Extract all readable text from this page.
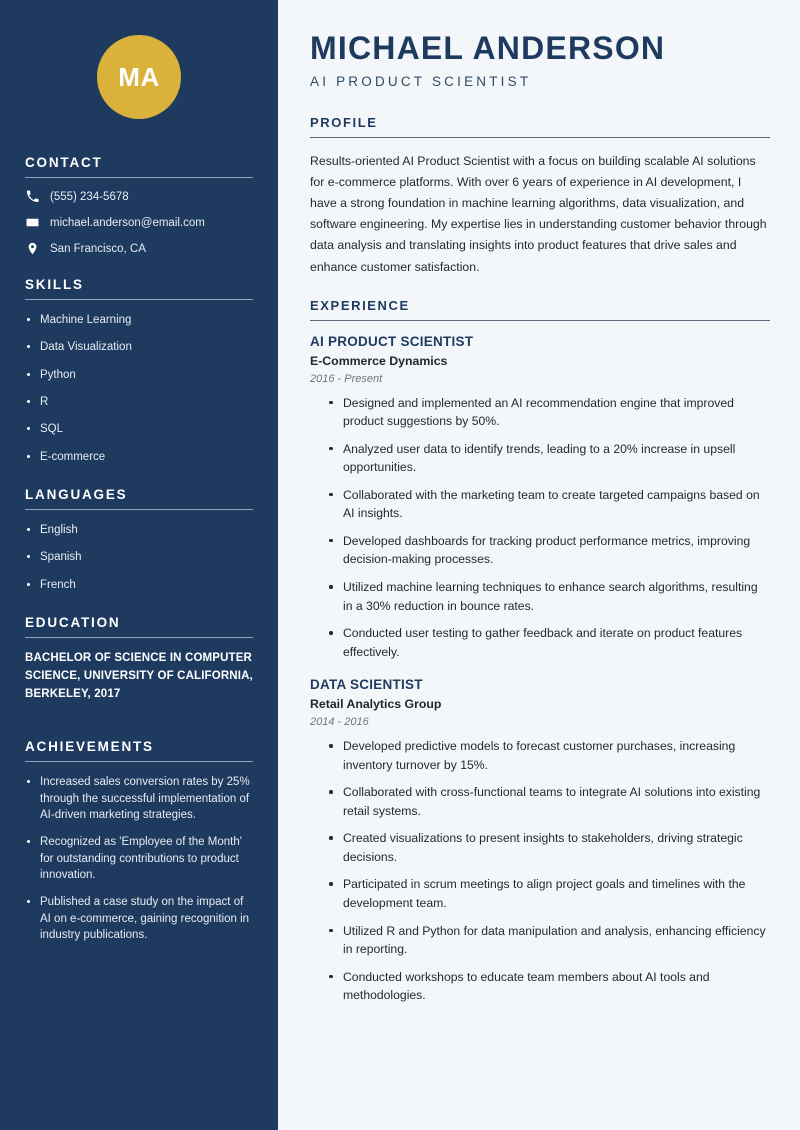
MA
CONTACT
(555) 234-5678
michael.anderson@email.com
San Francisco, CA
SKILLS
Machine Learning
Data Visualization
Python
R
SQL
E-commerce
LANGUAGES
English
Spanish
French
EDUCATION
BACHELOR OF SCIENCE IN COMPUTER SCIENCE, UNIVERSITY OF CALIFORNIA, BERKELEY, 2017
ACHIEVEMENTS
Increased sales conversion rates by 25% through the successful implementation of AI-driven marketing strategies.
Recognized as 'Employee of the Month' for outstanding contributions to product innovation.
Published a case study on the impact of AI on e-commerce, gaining recognition in industry publications.
MICHAEL ANDERSON
AI PRODUCT SCIENTIST
PROFILE

Results-oriented AI Product Scientist with a focus on building scalable AI solutions for e-commerce platforms. With over 6 years of experience in AI development, I have a strong foundation in machine learning algorithms, data visualization, and software engineering. My expertise lies in understanding customer behavior through data analysis and translating insights into product features that drive sales and enhance customer satisfaction.

EXPERIENCE
AI PRODUCT SCIENTIST
E-Commerce Dynamics
2016 - Present
Designed and implemented an AI recommendation engine that improved product suggestions by 50%.
Analyzed user data to identify trends, leading to a 20% increase in upsell opportunities.
Collaborated with the marketing team to create targeted campaigns based on AI insights.
Developed dashboards for tracking product performance metrics, improving decision-making processes.
Utilized machine learning techniques to enhance search algorithms, resulting in a 30% reduction in bounce rates.
Conducted user testing to gather feedback and iterate on product features effectively.
DATA SCIENTIST
Retail Analytics Group
2014 - 2016
Developed predictive models to forecast customer purchases, increasing inventory turnover by 15%.
Collaborated with cross-functional teams to integrate AI solutions into existing retail systems.
Created visualizations to present insights to stakeholders, driving strategic decisions.
Participated in scrum meetings to align project goals and timelines with the development team.
Utilized R and Python for data manipulation and analysis, enhancing efficiency in reporting.
Conducted workshops to educate team members about AI tools and methodologies.
